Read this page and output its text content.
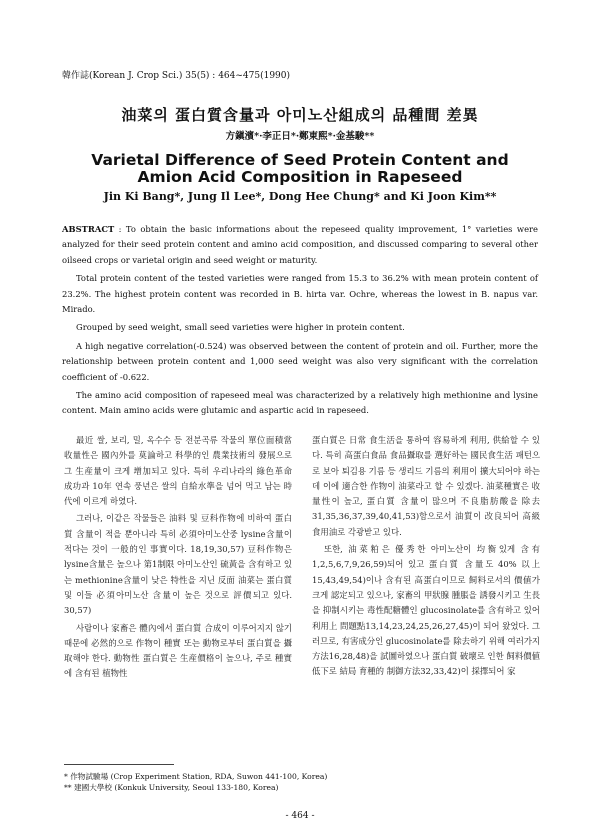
韓作誌(Korean J. Crop Sci.) 35(5) : 464~475(1990)
油菜의 蛋白質含量과 아미노산組成의 品種間 差異
方鎭濱*·李正日*·鄭東熙*·金基駿**
Varietal Difference of Seed Protein Content and
Amion Acid Composition in Rapeseed
Jin Ki Bang*, Jung Il Lee*, Dong Hee Chung* and Ki Joon Kim**

ABSTRACT : To obtain the basic informations about the repeseed quality improvement, 1° varieties were analyzed for their seed protein content and amino acid composition, and discussed comparing to several other oilseed crops or varietal origin and seed weight or maturity.

Total protein content of the tested varieties were ranged from 15.3 to 36.2% with mean protein content of 23.2%. The highest protein content was recorded in B. hirta var. Ochre, whereas the lowest in B. napus var. Mirado.

Grouped by seed weight, small seed varieties were higher in protein content.

A high negative correlation(-0.524) was observed between the content of protein and oil. Further, more the relationship between protein content and 1,000 seed weight was also very significant with the correlation coefficient of -0.622.

The amino acid composition of rapeseed meal was characterized by a relatively high methionine and lysine content. Main amino acids were glutamic and aspartic acid in rapeseed.

最近 쌀, 보리, 밀, 옥수수 등 전분곡류 작물의 單位面積當 收量性은 國內外를 莫論하고 科學的인 農業技術의 發展으로 그 生産量이 크게 增加되고 있다. 특히 우리나라의 綠色革命 成功과 10年 연속 풍년은 쌀의 自給水準을 넘어 먹고 남는 時代에 이르게 하였다.

그러나, 이같은 작물들은 油料 및 豆科作物에 비하여 蛋白質 含量이 적을 뿐아니라 특히 必須아미노산중 lysine含量이 적다는 것이 一般的인 事實이다. 18,19,30,57) 豆科作物은 lysine含量은 높으나 第1制限 아미노산인 硫黃을 含有하고 있는 methionine含量이 낮은 特性을 지닌 反面 油菜는 蛋白質 및 이들 必須아미노산 含量이 높은 것으로 評價되고 있다. 30,57)

사람이나 家畜은 體內에서 蛋白質 合成이 이루어지지 않기 때문에 必然的으로 作物이 種實 또는 動物로부터 蛋白質을 攝取해야 한다. 動物性 蛋白質은 生産價格이 높으나, 주로 種實에 含有된 植物性

蛋白質은 日常 食生活을 통하여 容易하게 利用, 供給할 수 있다. 특히 高蛋白食品 食品攝取를 選好하는 國民食生活 패턴으로 보아 퇴김용 기름 등 생리드 기름의 利用이 擴大되어야 하는데 이에 適合한 作物이 油菜라고 할 수 있겠다. 油菜種實은 收量性이 높고, 蛋白質 含量이 많으며 不良脂肪酸을 除去31,35,36,37,39,40,41,53)함으로서 油質이 改良되어 高級食用油로 각광받고 있다.

또한, 油菜粕은 優秀한 아미노산이 均衡있게 含有1,2,5,6,7,9,26,59)되어 있고 蛋白質 含量도 40% 以上15,43,49,54)이나 含有된 高蛋白이므로 飼料로서의 價値가 크게 認定되고 있으나, 家畜의 甲狀腺 腫脹을 誘發시키고 生長을 抑制시키는 毒性配糖體인 glucosinolate를 含有하고 있어 利用上 問題點13,14,23,24,25,26,27,45)이 되어 왔었다. 그러므로, 有害成分인 glucosinolate를 除去하기 위해 여러가지 方法16,28,48)을 試圖하였으나 蛋白質 破壞로 인한 飼料價値 低下로 結局 育種的 制御方法32,33,42)이 採擇되어 家

* 作物試驗場 (Crop Experiment Station, RDA, Suwon 441-100, Korea)
** 建國大學校 (Konkuk University, Seoul 133-180, Korea)
- 464 -
